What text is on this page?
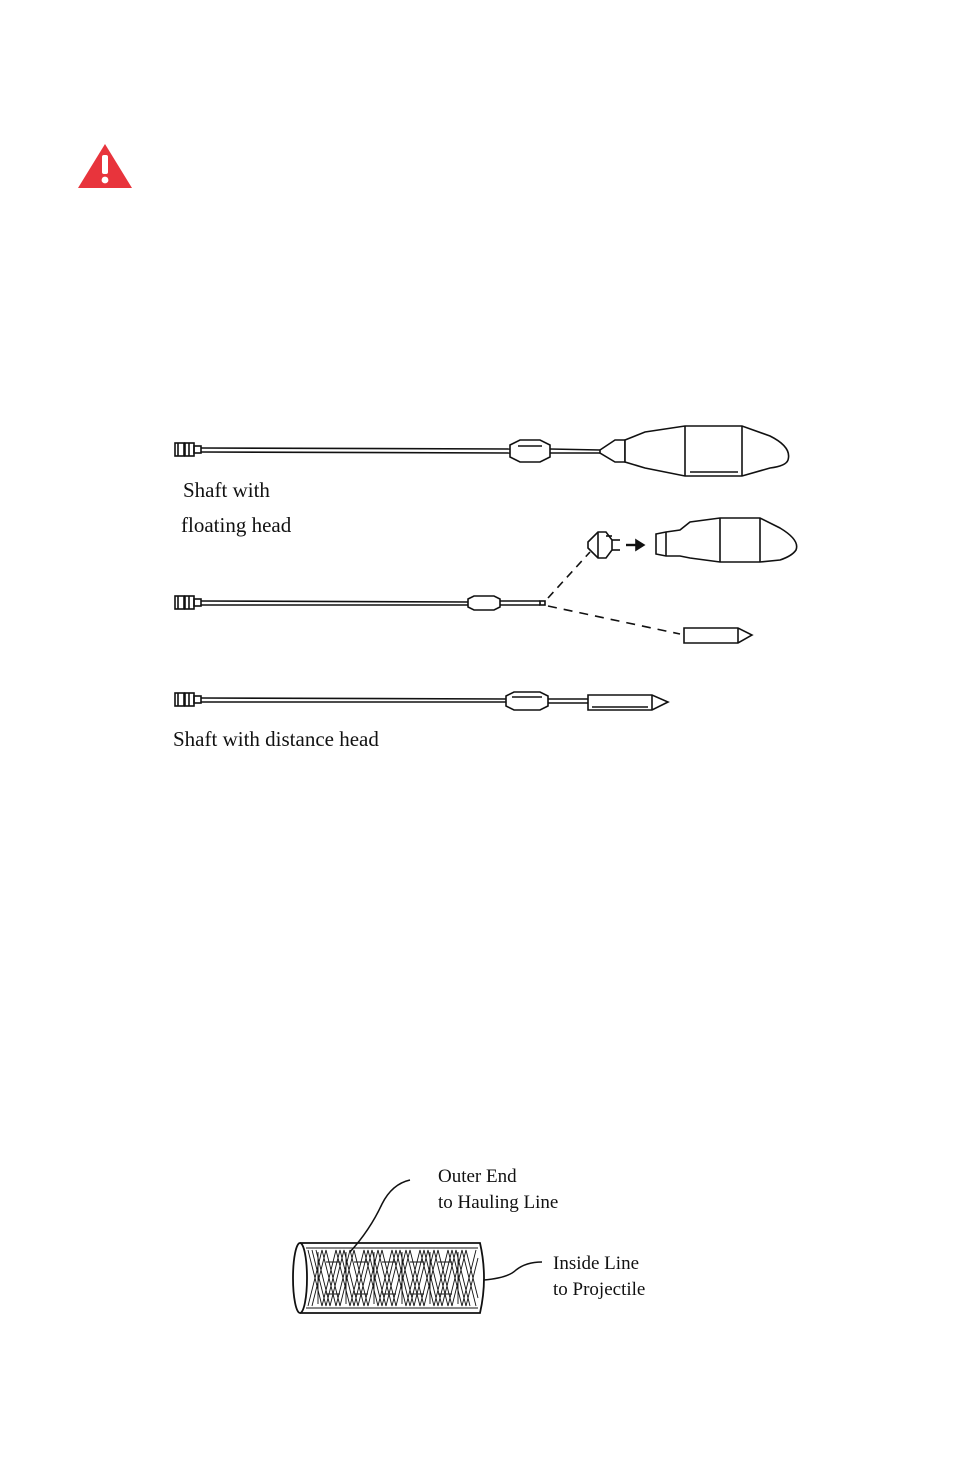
Shaft with
floating head
Shaft with distance head
Outer End
to Hauling Line
Inside Line
to Projectile
